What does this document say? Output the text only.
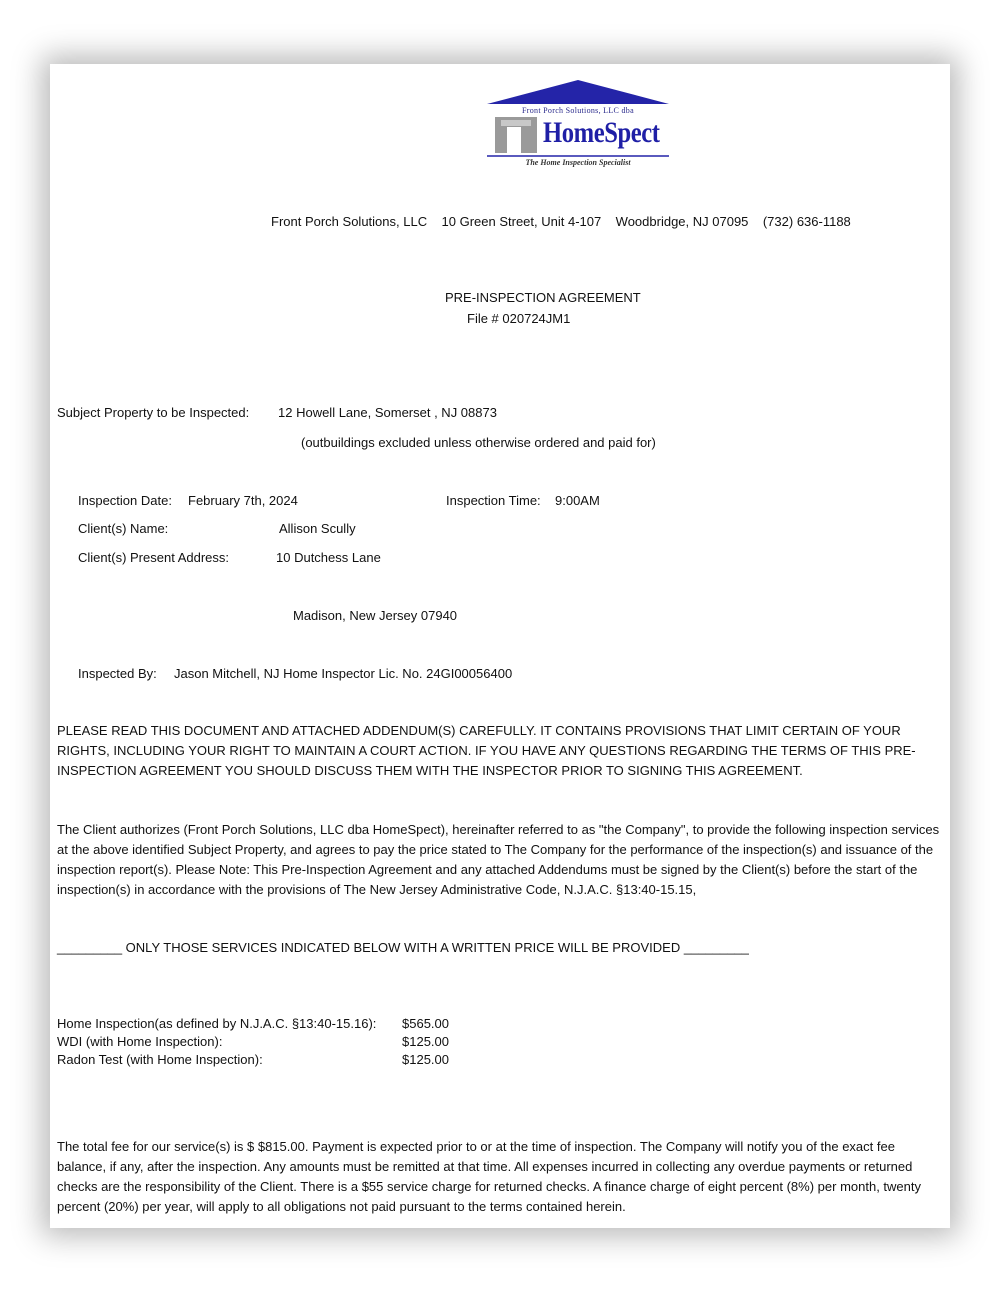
Front Porch Solutions, LLC dba
HomeSpect
The Home Inspection Specialist
Front Porch Solutions, LLC    10 Green Street, Unit 4-107    Woodbridge, NJ 07095    (732) 636-1188
PRE-INSPECTION AGREEMENT
File # 020724JM1
Subject Property to be Inspected: 12 Howell Lane, Somerset , NJ 08873
(outbuildings excluded unless otherwise ordered and paid for)
Inspection Date: February 7th, 2024	Inspection Time: 9:00AM
Client(s) Name:	Allison Scully
Client(s) Present Address:	10 Dutchess Lane
Madison, New Jersey 07940
Inspected By: Jason Mitchell, NJ Home Inspector Lic. No. 24GI00056400
PLEASE READ THIS DOCUMENT AND ATTACHED ADDENDUM(S) CAREFULLY. IT CONTAINS PROVISIONS THAT LIMIT CERTAIN OF YOUR RIGHTS, INCLUDING YOUR RIGHT TO MAINTAIN A COURT ACTION. IF YOU HAVE ANY QUESTIONS REGARDING THE TERMS OF THIS PRE-INSPECTION AGREEMENT YOU SHOULD DISCUSS THEM WITH THE INSPECTOR PRIOR TO SIGNING THIS AGREEMENT.
The Client authorizes (Front Porch Solutions, LLC dba HomeSpect), hereinafter referred to as "the Company", to provide the following inspection services at the above identified Subject Property, and agrees to pay the price stated to The Company for the performance of the inspection(s) and issuance of the inspection report(s). Please Note: This Pre-Inspection Agreement and any attached Addendums must be signed by the Client(s) before the start of the inspection(s) in accordance with the provisions of The New Jersey Administrative Code, N.J.A.C. §13:40-15.15,
_________ ONLY THOSE SERVICES INDICATED BELOW WITH A WRITTEN PRICE WILL BE PROVIDED _________
Home Inspection(as defined by N.J.A.C. §13:40-15.16): $565.00
WDI (with Home Inspection):	$125.00
Radon Test (with Home Inspection):	$125.00
The total fee for our service(s) is $ $815.00. Payment is expected prior to or at the time of inspection. The Company will notify you of the exact fee balance, if any, after the inspection. Any amounts must be remitted at that time. All expenses incurred in collecting any overdue payments or returned checks are the responsibility of the Client. There is a $55 service charge for returned checks. A finance charge of eight percent (8%) per month, twenty percent (20%) per year, will apply to all obligations not paid pursuant to the terms contained herein.
